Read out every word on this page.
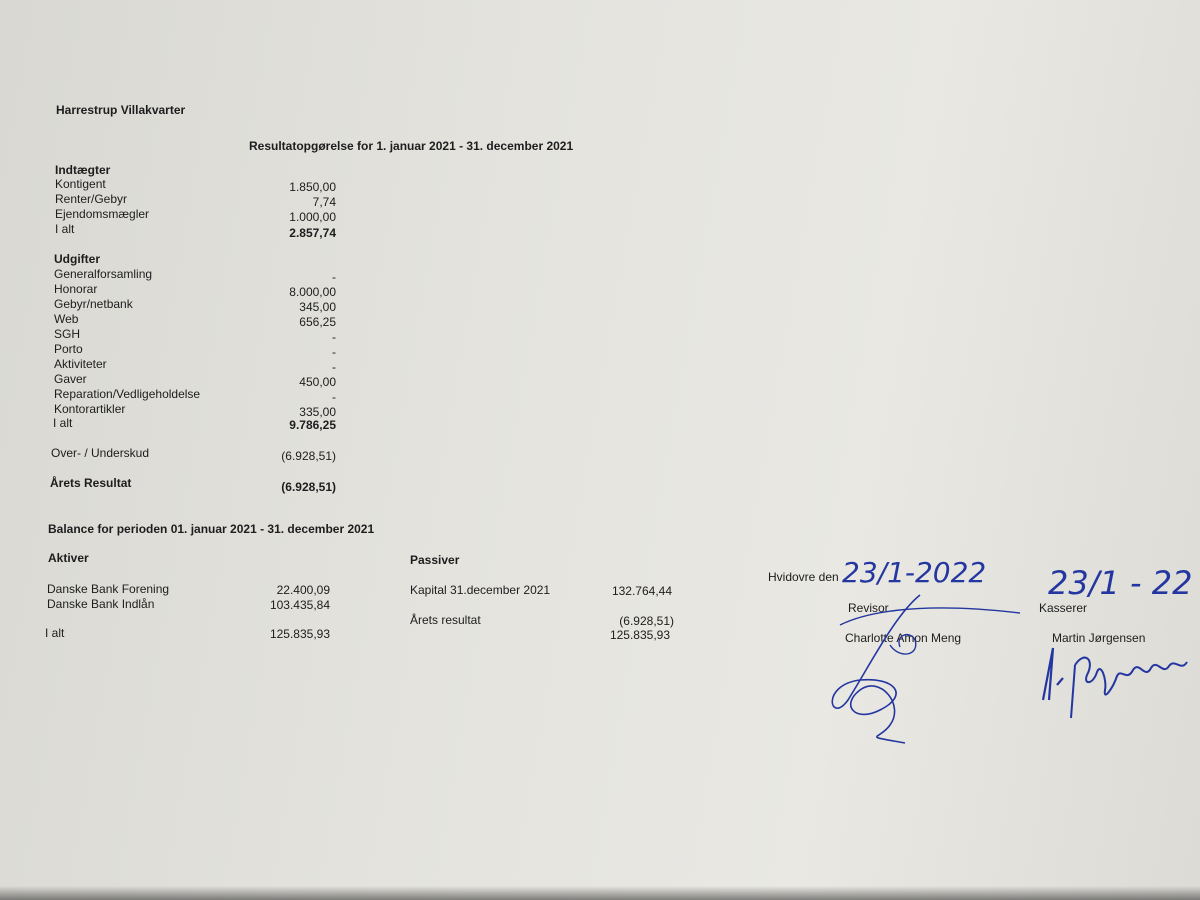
Harrestrup Villakvarter
Resultatopgørelse for 1. januar 2021 - 31. december 2021
Indtægter
Kontigent	1.850,00
Renter/Gebyr	7,74
Ejendomsmægler	1.000,00
I alt	2.857,74
Udgifter
Generalforsamling	-
Honorar	8.000,00
Gebyr/netbank	345,00
Web	656,25
SGH	-
Porto	-
Aktiviteter	-
Gaver	450,00
Reparation/Vedligeholdelse	-
Kontorartikler	335,00
I alt	9.786,25
Over- / Underskud	(6.928,51)
Årets Resultat	(6.928,51)
Balance for perioden 01. januar 2021 - 31. december 2021
Aktiver
Danske Bank Forening	22.400,09
Danske Bank Indlån	103.435,84
I alt	125.835,93
Passiver
Kapital 31.december 2021	132.764,44
Årets resultat	(6.928,51)
125.835,93
Hvidovre den 23/1-2022 23/1 - 22
Revisor
Charlotte Amon Meng
Kasserer
Martin Jørgensen
